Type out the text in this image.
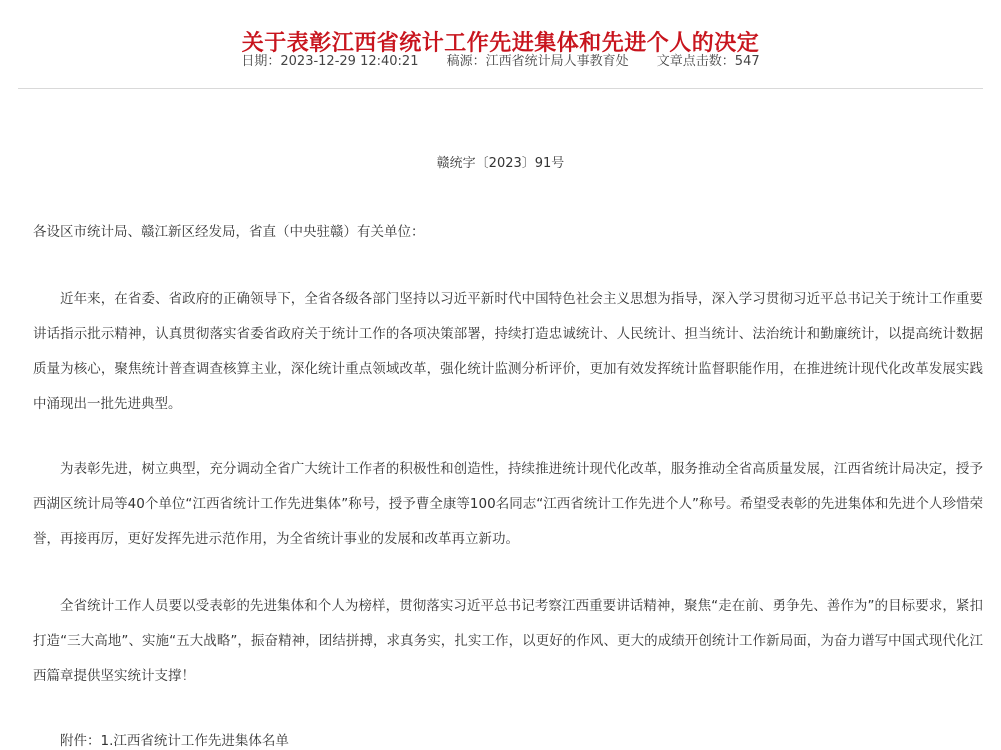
关于表彰江西省统计工作先进集体和先进个人的决定
日期：2023-12-29 12:40:21 稿源：江西省统计局人事教育处 文章点击数：547
赣统字〔2023〕91号
各设区市统计局、赣江新区经发局，省直（中央驻赣）有关单位：

近年来，在省委、省政府的正确领导下，全省各级各部门坚持以习近平新时代中国特色社会主义思想为指导，深入学习贯彻习近平总书记关于统计工作重要讲话指示批示精神，认真贯彻落实省委省政府关于统计工作的各项决策部署，持续打造忠诚统计、人民统计、担当统计、法治统计和勤廉统计，以提高统计数据质量为核心，聚焦统计普查调查核算主业，深化统计重点领域改革，强化统计监测分析评价，更加有效发挥统计监督职能作用，在推进统计现代化改革发展实践中涌现出一批先进典型。

为表彰先进，树立典型，充分调动全省广大统计工作者的积极性和创造性，持续推进统计现代化改革，服务推动全省高质量发展，江西省统计局决定，授予西湖区统计局等40个单位“江西省统计工作先进集体”称号，授予曹全康等100名同志“江西省统计工作先进个人”称号。希望受表彰的先进集体和先进个人珍惜荣誉，再接再厉，更好发挥先进示范作用，为全省统计事业的发展和改革再立新功。

全省统计工作人员要以受表彰的先进集体和个人为榜样，贯彻落实习近平总书记考察江西重要讲话精神，聚焦“走在前、勇争先、善作为”的目标要求，紧扣打造“三大高地”、实施“五大战略”，振奋精神，团结拼搏，求真务实，扎实工作，以更好的作风、更大的成绩开创统计工作新局面，为奋力谱写中国式现代化江西篇章提供坚实统计支撑！

附件：1.江西省统计工作先进集体名单
